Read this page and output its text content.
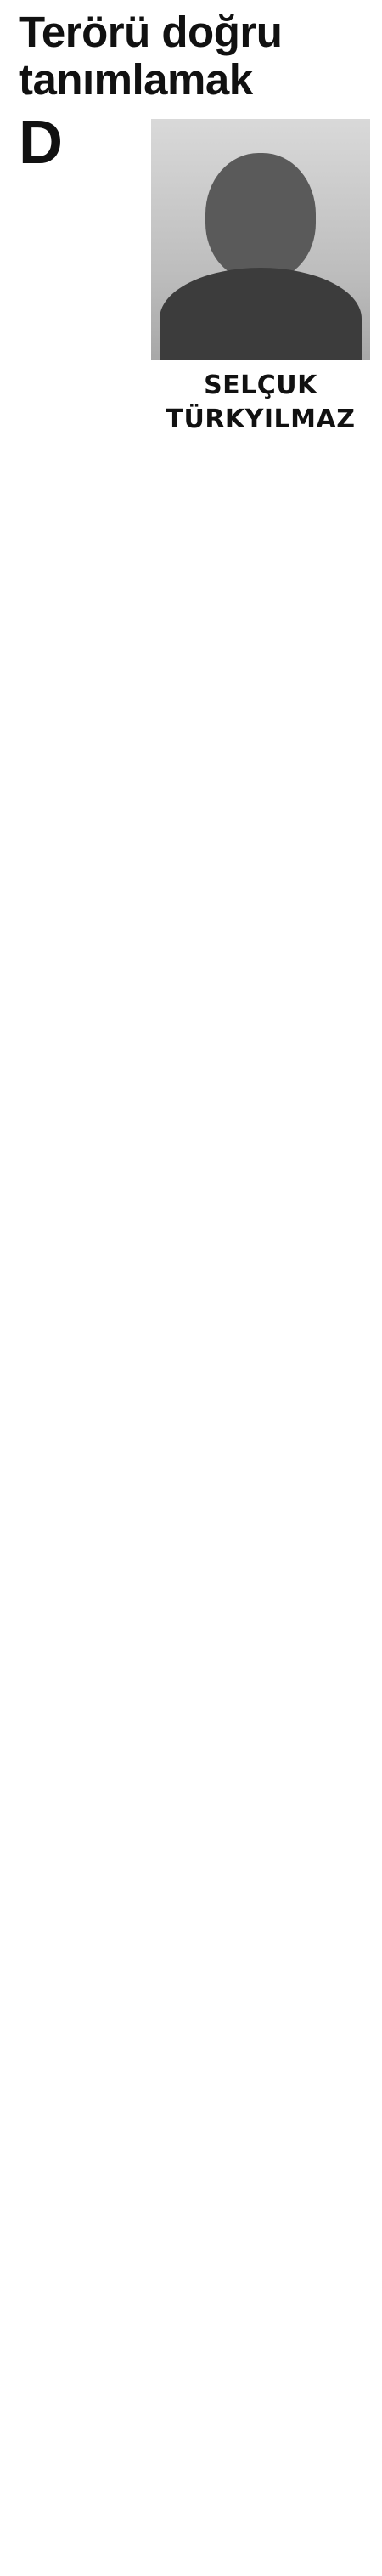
Terörü doğru tanımlamak
SELÇUK
TÜRKYILMAZ
D
